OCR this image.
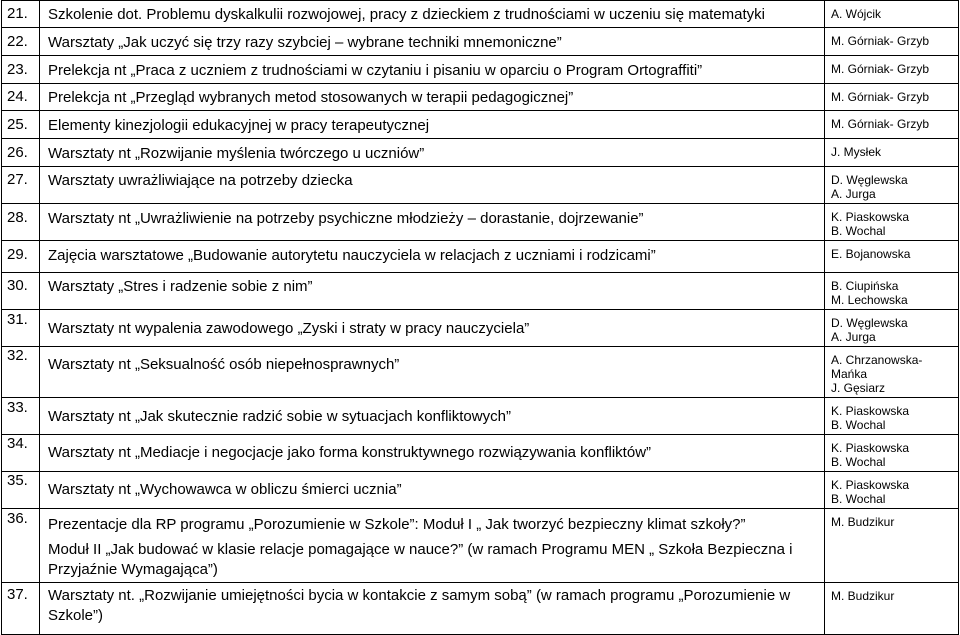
21.	Szkolenie dot. Problemu dyskalkulii rozwojowej, pracy z dzieckiem z trudnościami w uczeniu się matematyki	A. Wójcik

22.	Warsztaty „Jak uczyć się trzy razy szybciej – wybrane techniki mnemoniczne”	M. Górniak- Grzyb

23.	Prelekcja nt „Praca z uczniem z trudnościami w czytaniu i pisaniu w oparciu o Program Ortograffiti”	M. Górniak- Grzyb

24.	Prelekcja nt „Przegląd wybranych metod stosowanych w terapii pedagogicznej”	M. Górniak- Grzyb

25.	Elementy kinezjologii edukacyjnej w pracy terapeutycznej	M. Górniak- Grzyb

26.	Warsztaty nt „Rozwijanie myślenia twórczego u uczniów”	J. Mysłek

27.	Warsztaty uwrażliwiające na potrzeby dziecka	D. Węglewska
A. Jurga

28.	Warsztaty nt „Uwrażliwienie na potrzeby psychiczne młodzieży – dorastanie, dojrzewanie”	K. Piaskowska
B. Wochal

29.	Zajęcia warsztatowe „Budowanie autorytetu nauczyciela w relacjach z uczniami i rodzicami”	E. Bojanowska

30.	Warsztaty „Stres i radzenie sobie z nim”	B. Ciupińska
M. Lechowska

31.	Warsztaty nt wypalenia zawodowego „Zyski i straty w pracy nauczyciela”	D. Węglewska
A. Jurga

32.	Warsztaty nt „Seksualność osób niepełnosprawnych”	A. Chrzanowska-Mańka
J. Gęsiarz

33.	Warsztaty nt „Jak skutecznie radzić sobie w sytuacjach konfliktowych”	K. Piaskowska
B. Wochal

34.	Warsztaty nt „Mediacje i negocjacje jako forma konstruktywnego rozwiązywania konfliktów”	K. Piaskowska
B. Wochal

35.	Warsztaty nt „Wychowawca w obliczu śmierci ucznia”	K. Piaskowska
B. Wochal

36.	Prezentacje dla RP programu „Porozumienie w Szkole”: Moduł I „ Jak tworzyć bezpieczny klimat szkoły?”
Moduł II „Jak budować w klasie relacje pomagające w nauce?” (w ramach Programu MEN „ Szkoła Bezpieczna i Przyjaźnie Wymagająca”)	M. Budzikur

37.	Warsztaty nt. „Rozwijanie umiejętności bycia w kontakcie z samym sobą” (w ramach programu „Porozumienie w Szkole”)	M. Budzikur
